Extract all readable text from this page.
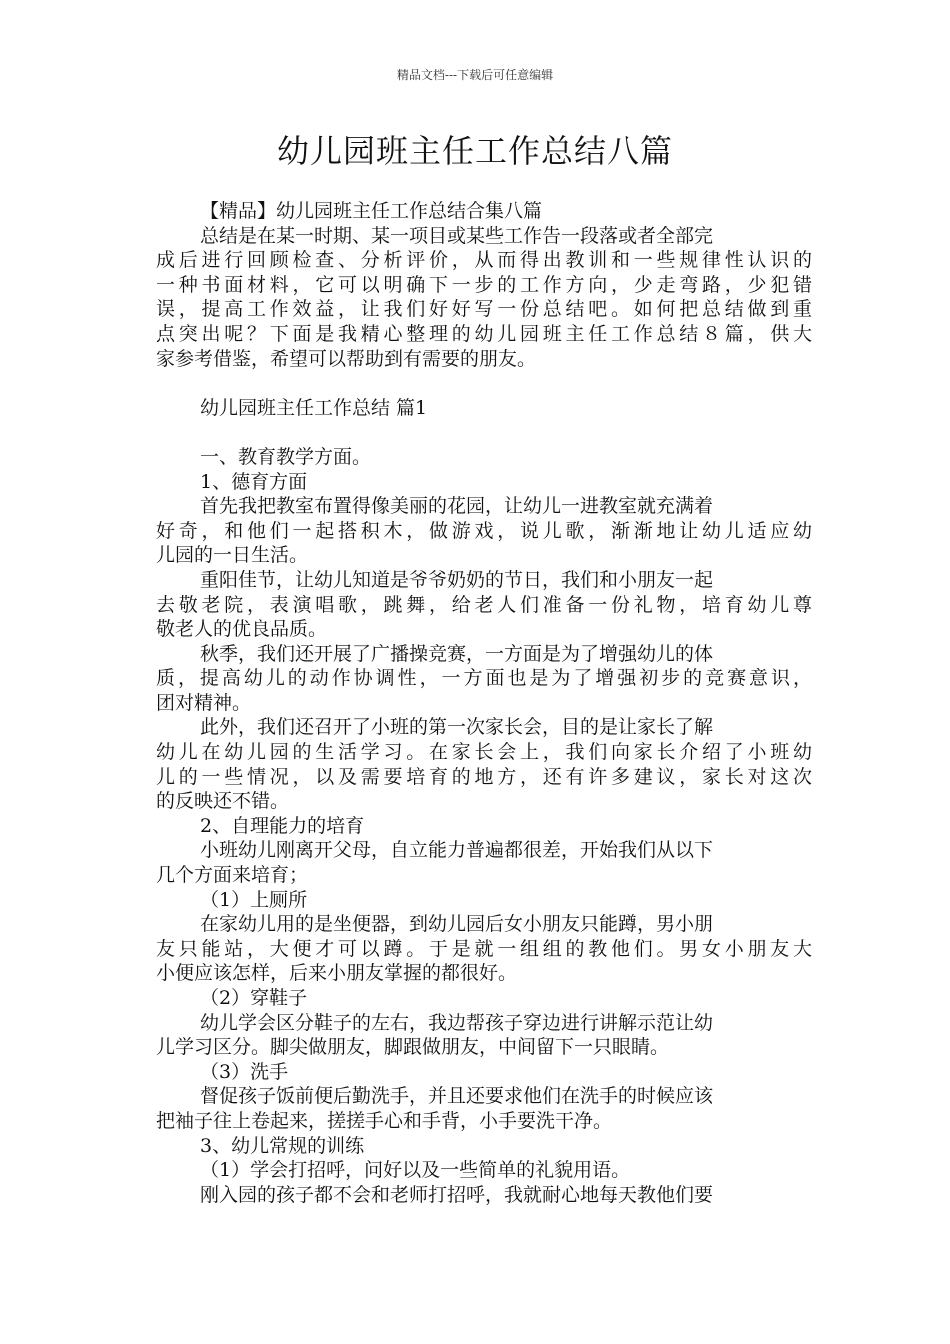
精品文档---下载后可任意编辑
幼儿园班主任工作总结八篇
【精品】幼儿园班主任工作总结合集八篇
总结是在某一时期、某一项目或某些工作告一段落或者全部完
成后进行回顾检查、分析评价，从而得出教训和一些规律性认识的
一种书面材料，它可以明确下一步的工作方向，少走弯路，少犯错
误，提高工作效益，让我们好好写一份总结吧。如何把总结做到重
点突出呢？下面是我精心整理的幼儿园班主任工作总结８篇，供大
家参考借鉴，希望可以帮助到有需要的朋友。
幼儿园班主任工作总结 篇1
一、教育教学方面。
1、德育方面
首先我把教室布置得像美丽的花园，让幼儿一进教室就充满着
好奇，和他们一起搭积木，做游戏，说儿歌，渐渐地让幼儿适应幼
儿园的一日生活。
重阳佳节，让幼儿知道是爷爷奶奶的节日，我们和小朋友一起
去敬老院，表演唱歌，跳舞，给老人们准备一份礼物，培育幼儿尊
敬老人的优良品质。
秋季，我们还开展了广播操竞赛，一方面是为了增强幼儿的体
质，提高幼儿的动作协调性，一方面也是为了增强初步的竞赛意识，
团对精神。
此外，我们还召开了小班的第一次家长会，目的是让家长了解
幼儿在幼儿园的生活学习。在家长会上，我们向家长介绍了小班幼
儿的一些情况，以及需要培育的地方，还有许多建议，家长对这次
的反映还不错。
2、自理能力的培育
小班幼儿刚离开父母，自立能力普遍都很差，开始我们从以下
几个方面来培育；
（1）上厕所
在家幼儿用的是坐便器，到幼儿园后女小朋友只能蹲，男小朋
友只能站，大便才可以蹲。于是就一组组的教他们。男女小朋友大
小便应该怎样，后来小朋友掌握的都很好。
（2）穿鞋子
幼儿学会区分鞋子的左右，我边帮孩子穿边进行讲解示范让幼
儿学习区分。脚尖做朋友，脚跟做朋友，中间留下一只眼睛。
（3）洗手
督促孩子饭前便后勤洗手，并且还要求他们在洗手的时候应该
把袖子往上卷起来，搓搓手心和手背，小手要洗干净。
3、幼儿常规的训练
（1）学会打招呼，问好以及一些简单的礼貌用语。
刚入园的孩子都不会和老师打招呼，我就耐心地每天教他们要
